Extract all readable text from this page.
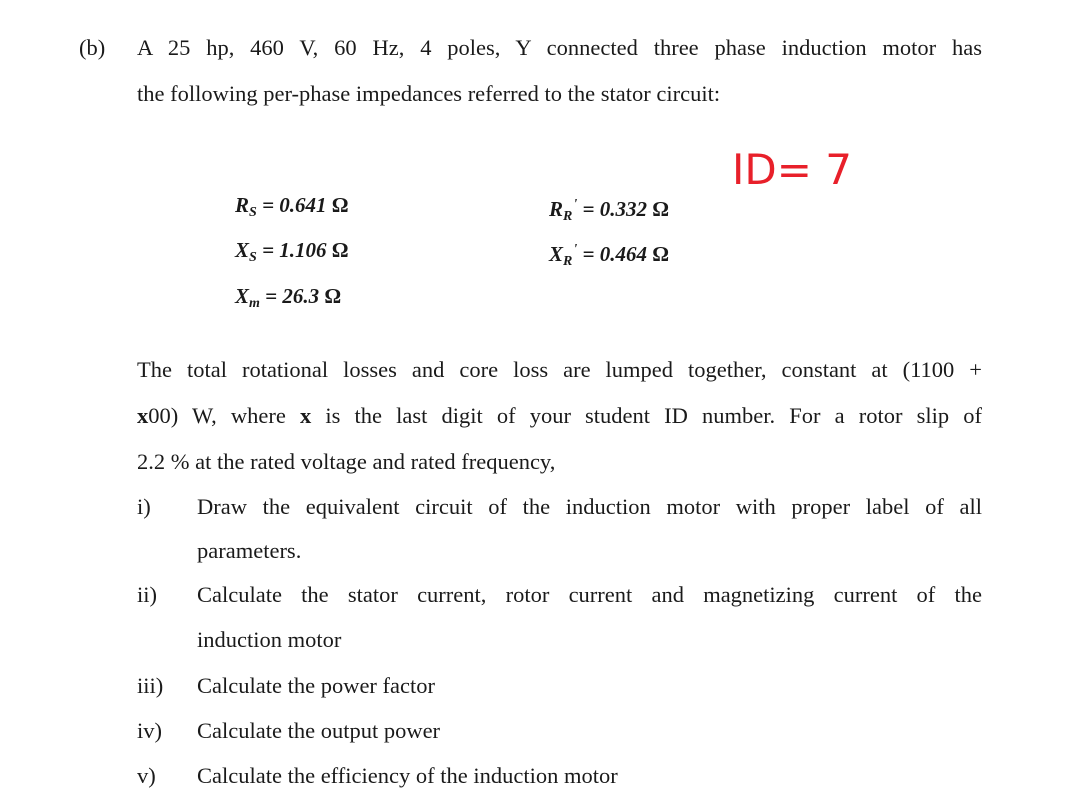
(b) A 25 hp, 460 V, 60 Hz, 4 poles, Y connected three phase induction motor has
the following per-phase impedances referred to the stator circuit:
ID= 7
$R_S = 0.641$ Ω	$R_R' = 0.332$ Ω
$X_S = 1.106$ Ω	$X_R' = 0.464$ Ω
$X_m = 26.3$ Ω
The total rotational losses and core loss are lumped together, constant at (1100 +
x00) W, where x is the last digit of your student ID number. For a rotor slip of
2.2 % at the rated voltage and rated frequency,
i) Draw the equivalent circuit of the induction motor with proper label of all
parameters.
ii) Calculate the stator current, rotor current and magnetizing current of the
induction motor
iii) Calculate the power factor
iv) Calculate the output power
v) Calculate the efficiency of the induction motor
